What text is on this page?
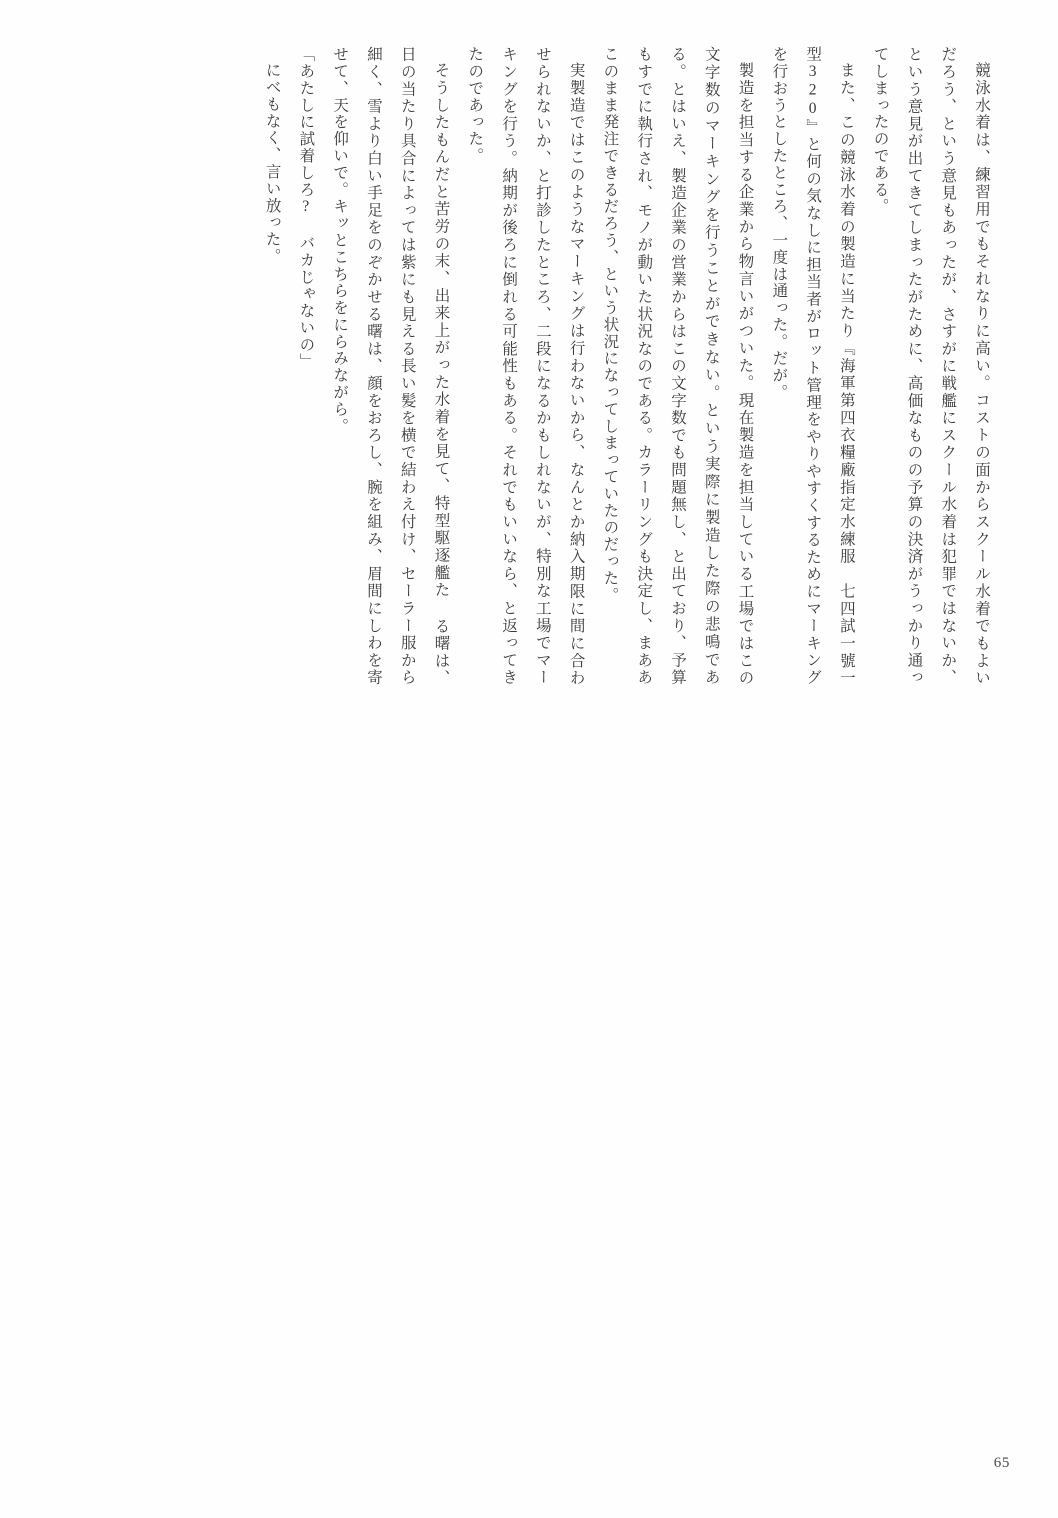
競泳水着は、練習用でもそれなりに高い。コストの面からスクール水着でもよいだろう、という意見もあったが、さすがに戦艦にスクール水着は犯罪ではないか、という意見が出てきてしまったがために、高価なものの予算の決済がうっかり通ってしまったのである。

また、この競泳水着の製造に当たり『海軍第四衣糧廠指定水練服　七四試一號一型320』と何の気なしに担当者がロット管理をやりやすくするためにマーキングを行おうとしたところ、一度は通った。だが。

製造を担当する企業から物言いがついた。現在製造を担当している工場ではこの文字数のマーキングを行うことができない。という実際に製造した際の悲鳴である。とはいえ、製造企業の営業からはこの文字数でも問題無し、と出ており、予算もすでに執行され、モノが動いた状況なのである。カラーリングも決定し、まああこのまま発注できるだろう、という状況になってしまっていたのだった。

実製造ではこのようなマーキングは行わないから、なんとか納入期限に間に合わせられないか、と打診したところ、二段になるかもしれないが、特別な工場でマーキングを行う。納期が後ろに倒れる可能性もある。それでもいいなら、と返ってきたのであった。

そうしたもんだと苦労の末、出来上がった水着を見て、特型駆逐艦た る曙は、日の当たり具合によっては紫にも見える長い髪を横で結わえ付け、セーラー服から細く、雪より白い手足をのぞかせる曙は、顔をおろし、腕を組み、眉間にしわを寄せて、天を仰いで。キッとこちらをにらみながら。

「あたしに試着しろ? バカじゃないの」

にべもなく、言い放った。

65
